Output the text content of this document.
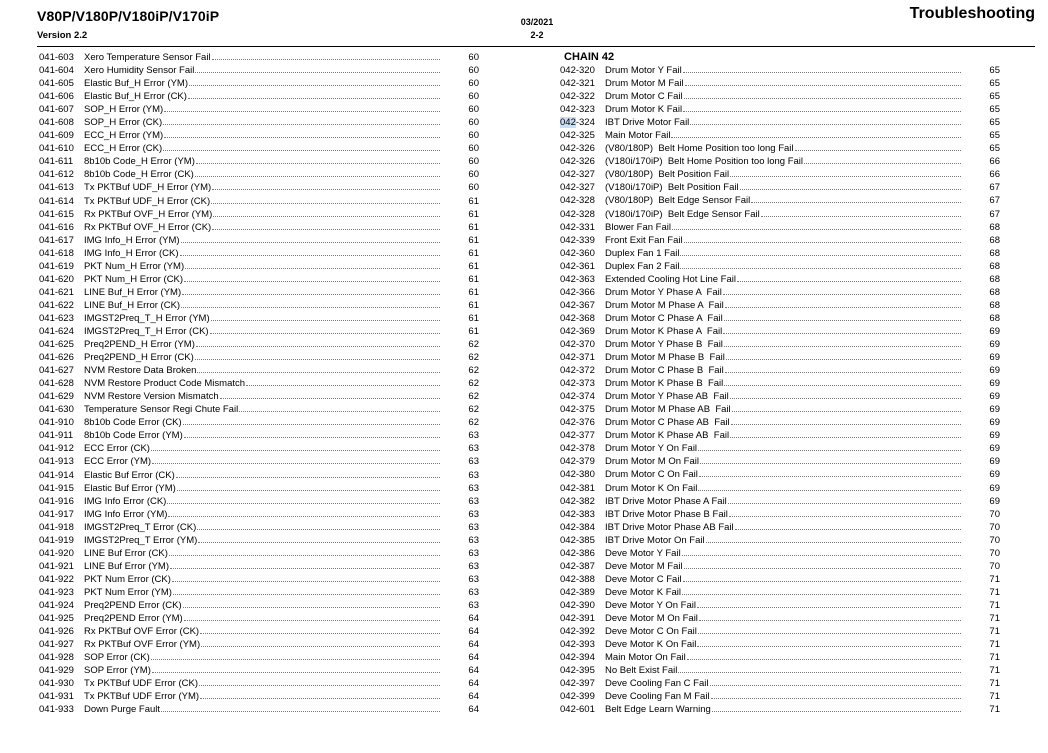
V80P/V180P/V180iP/V170iP
Version 2.2
03/2021
2-2
Troubleshooting
041-603	Xero Temperature Sensor Fail	60
041-604	Xero Humidity Sensor Fail	60
041-605	Elastic Buf_H Error (YM)	60
041-606	Elastic Buf_H Error (CK)	60
041-607	SOP_H Error (YM)	60
041-608	SOP_H Error (CK)	60
041-609	ECC_H Error (YM)	60
041-610	ECC_H Error (CK)	60
041-611	8b10b Code_H Error (YM)	60
041-612	8b10b Code_H Error (CK)	60
041-613	Tx PKTBuf UDF_H Error (YM)	60
041-614	Tx PKTBuf UDF_H Error (CK)	61
041-615	Rx PKTBuf OVF_H Error (YM)	61
041-616	Rx PKTBuf OVF_H Error (CK)	61
041-617	IMG Info_H Error (YM)	61
041-618	IMG Info_H Error (CK)	61
041-619	PKT Num_H Error (YM)	61
041-620	PKT Num_H Error (CK)	61
041-621	LINE Buf_H Error (YM)	61
041-622	LINE Buf_H Error (CK)	61
041-623	IMGST2Preq_T_H Error (YM)	61
041-624	IMGST2Preq_T_H Error (CK)	61
041-625	Preq2PEND_H Error (YM)	62
041-626	Preq2PEND_H Error (CK)	62
041-627	NVM Restore Data Broken	62
041-628	NVM Restore Product Code Mismatch	62
041-629	NVM Restore Version Mismatch	62
041-630	Temperature Sensor Regi Chute Fail	62
041-910	8b10b Code Error (CK)	62
041-911	8b10b Code Error (YM)	63
041-912	ECC Error (CK)	63
041-913	ECC Error (YM)	63
041-914	Elastic Buf Error (CK)	63
041-915	Elastic Buf Error (YM)	63
041-916	IMG Info Error (CK)	63
041-917	IMG Info Error (YM)	63
041-918	IMGST2Preq_T Error (CK)	63
041-919	IMGST2Preq_T Error (YM)	63
041-920	LINE Buf Error (CK)	63
041-921	LINE Buf Error (YM)	63
041-922	PKT Num Error (CK)	63
041-923	PKT Num Error (YM)	63
041-924	Preq2PEND Error (CK)	63
041-925	Preq2PEND Error (YM)	64
041-926	Rx PKTBuf OVF Error (CK)	64
041-927	Rx PKTBuf OVF Error (YM)	64
041-928	SOP Error (CK)	64
041-929	SOP Error (YM)	64
041-930	Tx PKTBuf UDF Error (CK)	64
041-931	Tx PKTBuf UDF Error (YM)	64
041-933	Down Purge Fault	64
CHAIN 42
042-320	Drum Motor Y Fail	65
042-321	Drum Motor M Fail	65
042-322	Drum Motor C Fail	65
042-323	Drum Motor K Fail	65
042-324	IBT Drive Motor Fail	65
042-325	Main Motor Fail	65
042-326	(V80/180P)  Belt Home Position too long Fail	65
042-326	(V180i/170iP)  Belt Home Position too long Fail	66
042-327	(V80/180P)  Belt Position Fail	66
042-327	(V180i/170iP)  Belt Position Fail	67
042-328	(V80/180P)  Belt Edge Sensor Fail	67
042-328	(V180i/170iP)  Belt Edge Sensor Fail	67
042-331	Blower Fan Fail	68
042-339	Front Exit Fan Fail	68
042-360	Duplex Fan 1 Fail	68
042-361	Duplex Fan 2 Fail	68
042-363	Extended Cooling Hot Line Fail	68
042-366	Drum Motor Y Phase A  Fail	68
042-367	Drum Motor M Phase A  Fail	68
042-368	Drum Motor C Phase A  Fail	68
042-369	Drum Motor K Phase A  Fail	69
042-370	Drum Motor Y Phase B  Fail	69
042-371	Drum Motor M Phase B  Fail	69
042-372	Drum Motor C Phase B  Fail	69
042-373	Drum Motor K Phase B  Fail	69
042-374	Drum Motor Y Phase AB  Fail	69
042-375	Drum Motor M Phase AB  Fail	69
042-376	Drum Motor C Phase AB  Fail	69
042-377	Drum Motor K Phase AB  Fail	69
042-378	Drum Motor Y On Fail	69
042-379	Drum Motor M On Fail	69
042-380	Drum Motor C On Fail	69
042-381	Drum Motor K On Fail	69
042-382	IBT Drive Motor Phase A Fail	69
042-383	IBT Drive Motor Phase B Fail	70
042-384	IBT Drive Motor Phase AB Fail	70
042-385	IBT Drive Motor On Fail	70
042-386	Deve Motor Y Fail	70
042-387	Deve Motor M Fail	70
042-388	Deve Motor C Fail	71
042-389	Deve Motor K Fail	71
042-390	Deve Motor Y On Fail	71
042-391	Deve Motor M On Fail	71
042-392	Deve Motor C On Fail	71
042-393	Deve Motor K On Fail	71
042-394	Main Motor On Fail	71
042-395	No Belt Exist Fail	71
042-397	Deve Cooling Fan C Fail	71
042-399	Deve Cooling Fan M Fail	71
042-601	Belt Edge Learn Warning	71
